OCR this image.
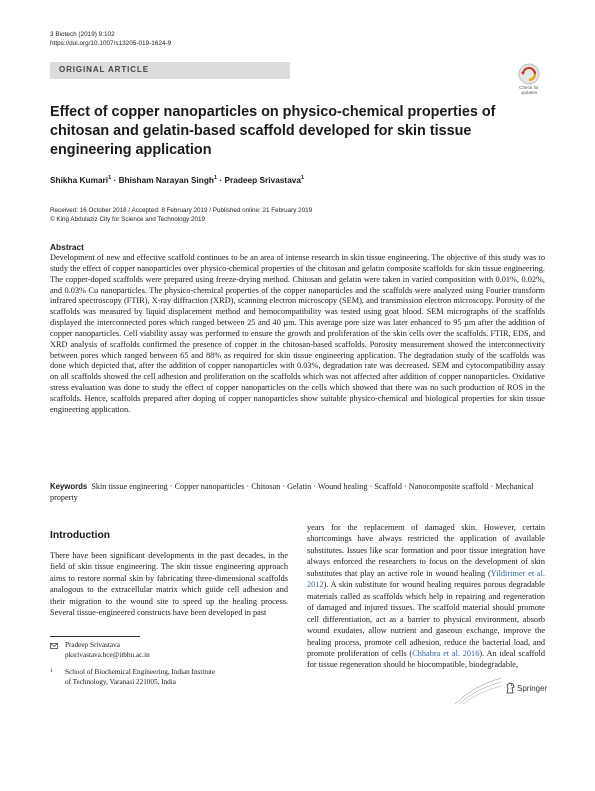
3 Biotech (2019) 9:102
https://doi.org/10.1007/s13205-019-1624-9
ORIGINAL ARTICLE
Check for
updates
Effect of copper nanoparticles on physico-chemical properties of chitosan and gelatin-based scaffold developed for skin tissue engineering application
Shikha Kumari$^1$ · Bhisham Narayan Singh$^1$ · Pradeep Srivastava$^1$
Received: 16 October 2018 / Accepted: 8 February 2019 / Published online: 21 February 2019
© King Abdulaziz City for Science and Technology 2019
Abstract

Development of new and effective scaffold continues to be an area of intense research in skin tissue engineering. The objective of this study was to study the effect of copper nanoparticles over physico-chemical properties of the chitosan and gelatin composite scaffolds for skin tissue engineering. The copper-doped scaffolds were prepared using freeze-drying method. Chitosan and gelatin were taken in varied composition with 0.01%, 0.02%, and 0.03% Cu nanoparticles. The physico-chemical properties of the copper nanoparticles and the scaffolds were analyzed using Fourier transform infrared spectroscopy (FTIR), X-ray diffraction (XRD), scanning electron microscopy (SEM), and transmission electron microscopy. Porosity of the scaffolds was measured by liquid displacement method and hemocompatibility was tested using goat blood. SEM micrographs of the scaffolds displayed the interconnected pores which ranged between 25 and 40 µm. This average pore size was later enhanced to 95 µm after the addition of copper nanoparticles. Cell viability assay was performed to ensure the growth and proliferation of the skin cells over the scaffolds. FTIR, EDS, and XRD analysis of scaffolds confirmed the presence of copper in the chitosan-based scaffolds. Porosity measurement showed the interconnectivity between pores which ranged between 65 and 88% as required for skin tissue engineering application. The degradation study of the scaffolds was done which depicted that, after the addition of copper nanoparticles with 0.03%, degradation rate was decreased. SEM and cytocompatibility assay on all scaffolds showed the cell adhesion and proliferation on the scaffolds which was not affected after addition of copper nanoparticles. Oxidative stress evaluation was done to study the effect of copper nanoparticles on the cells which showed that there was no such production of ROS in the scaffolds. Hence, scaffolds prepared after doping of copper nanoparticles show suitable physico-chemical and biological properties for skin tissue engineering application.

Keywords Skin tissue engineering · Copper nanoparticles · Chitosan · Gelatin · Wound healing · Scaffold · Nanocomposite scaffold · Mechanical property
Introduction

There have been significant developments in the past decades, in the field of skin tissue engineering. The skin tissue engineering approach aims to restore normal skin by fabricating three-dimensional scaffolds analogous to the extracellular matrix which guide cell adhesion and their migration to the wound site to speed up the healing process. Several tissue-engineered constructs have been developed in past

years for the replacement of damaged skin. However, certain shortcomings have always restricted the application of available substitutes. Issues like scar formation and poor tissue integration have always enforced the researchers to focus on the development of skin substitutes that play an active role in wound healing (Yildirimer et al. 2012). A skin substitute for wound healing requires porous degradable materials called as scaffolds which help in repairing and regeneration of damaged and injured tissues. The scaffold material should promote cell differentiation, act as a barrier to physical environment, absorb wound exudates, allow nutrient and gaseous exchange, improve the healing process, promote cell adhesion, reduce the bacterial load, and promote proliferation of cells (Chhabra et al. 2016). An ideal scaffold for tissue regeneration should be biocompatible, biodegradable,

Pradeep Srivastava
pksrivastava.bce@itbhu.ac.in
1 School of Biochemical Engineering, Indian Institute
of Technology, Varanasi 221005, India
Springer
